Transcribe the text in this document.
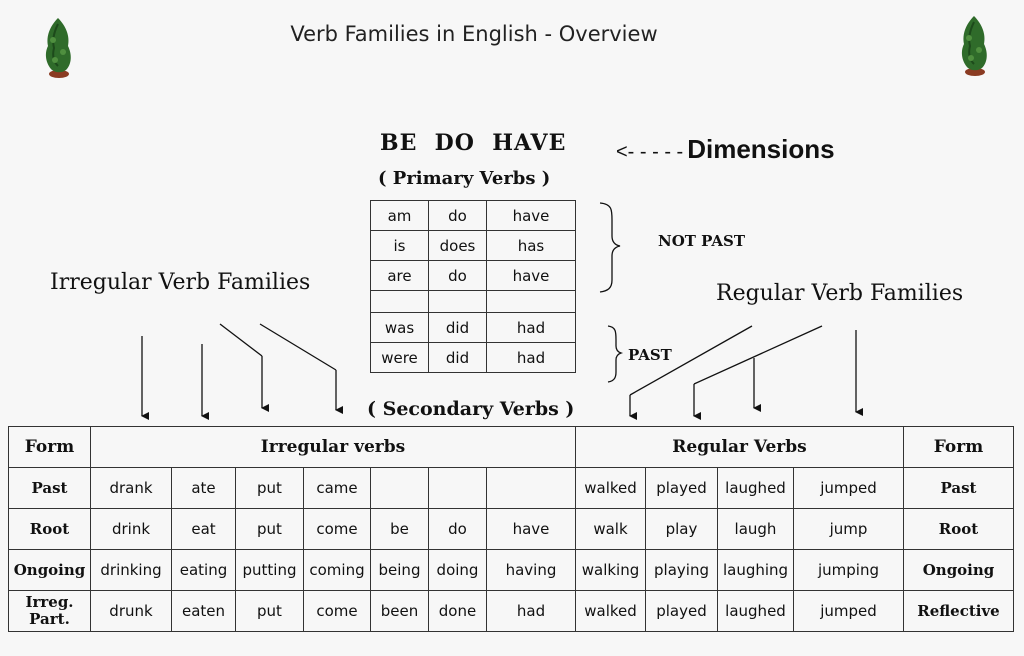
Verb Families in English - Overview
BE  DO  HAVE <- - - - - Dimensions
( Primary Verbs )
am	do	have
is	does	has
are	do	have

was	did	had
were	did	had
NOT PAST
PAST
Irregular Verb Families	Regular Verb Families
( Secondary Verbs )
Form	Irregular verbs							Regular Verbs				Form
Past	drank	ate	put	came				walked	played	laughed	jumped	Past
Root	drink	eat	put	come	be	do	have	walk	play	laugh	jump	Root
Ongoing	drinking	eating	putting	coming	being	doing	having	walking	playing	laughing	jumping	Ongoing
Irreg. Part.	drunk	eaten	put	come	been	done	had	walked	played	laughed	jumped	Reflective
